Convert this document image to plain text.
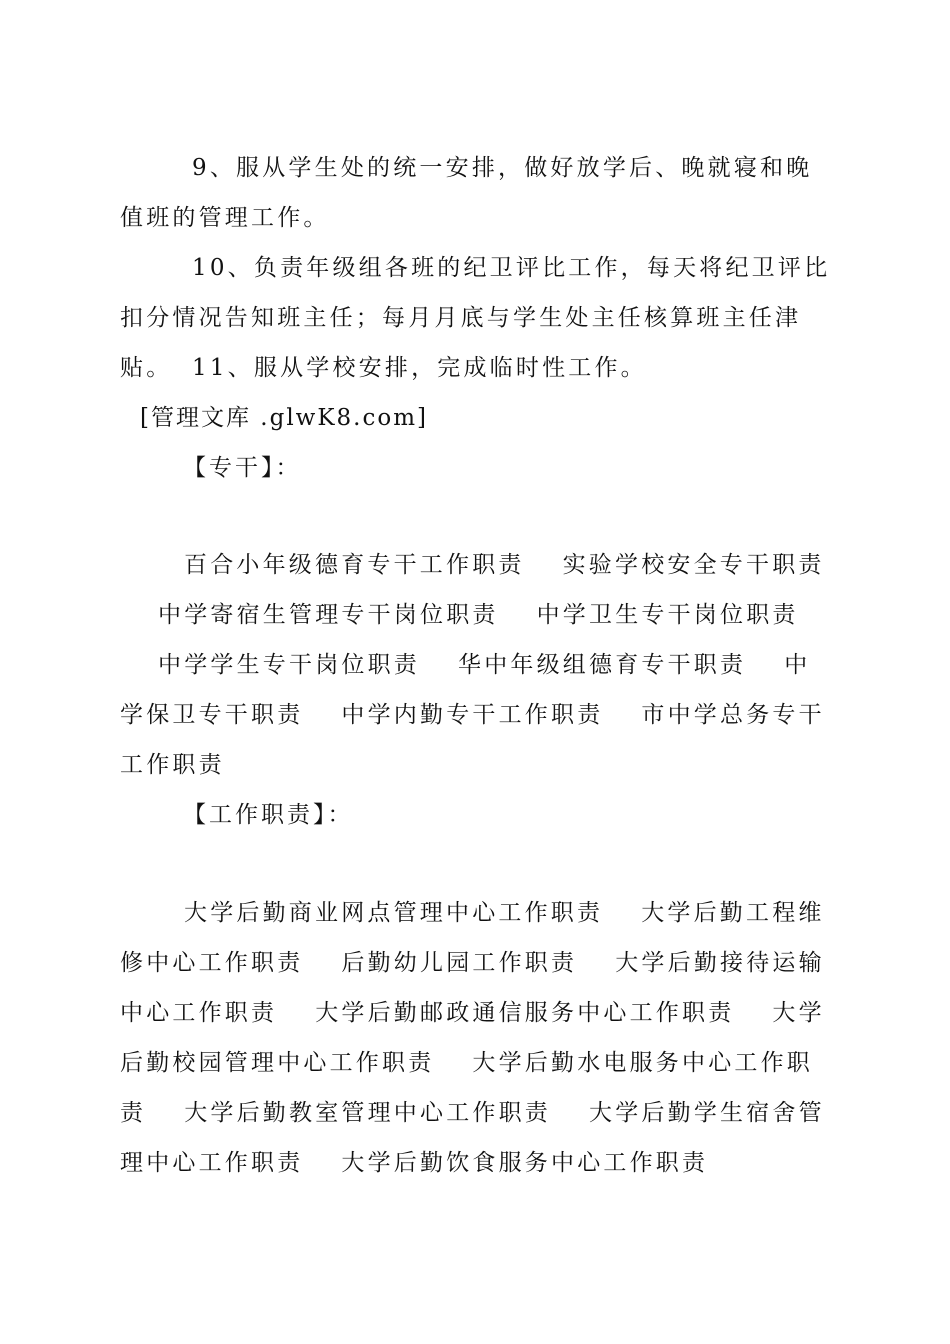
9、服从学生处的统一安排，做好放学后、晚就寝和晚值班的管理工作。

10、负责年级组各班的纪卫评比工作，每天将纪卫评比扣分情况告知班主任；每月月底与学生处主任核算班主任津贴。 11、服从学校安排，完成临时性工作。

[管理文库 .glwK8.com]
【专干】：
百合小年级德育专干工作职责 实验学校安全专干职责中学寄宿生管理专干岗位职责 中学卫生专干岗位职责中学学生专干岗位职责 华中年级组德育专干职责 中学保卫专干职责 中学内勤专干工作职责 市中学总务专干工作职责
【工作职责】：
大学后勤商业网点管理中心工作职责 大学后勤工程维修中心工作职责 后勤幼儿园工作职责 大学后勤接待运输中心工作职责 大学后勤邮政通信服务中心工作职责 大学后勤校园管理中心工作职责 大学后勤水电服务中心工作职责 大学后勤教室管理中心工作职责 大学后勤学生宿舍管理中心工作职责 大学后勤饮食服务中心工作职责
